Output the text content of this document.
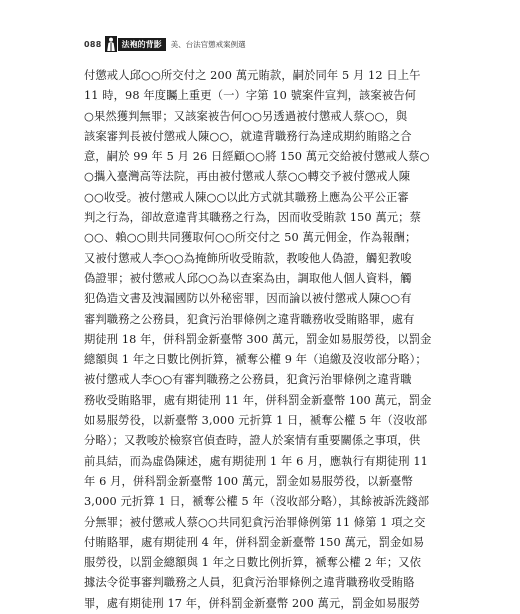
088	法袍的背影	美、台法官懲戒案例選
付懲戒人邱○○所交付之 200 萬元賄款，嗣於同年 5 月 12 日上午
11 時，98 年度矚上重更（一）字第 10 號案件宣判，該案被告何
○果然獲判無罪；又該案被告何○○另透過被付懲戒人蔡○○，與
該案審判長被付懲戒人陳○○，就違背職務行為達成期約賄賂之合
意，嗣於 99 年 5 月 26 日經顧○○將 150 萬元交給被付懲戒人蔡○
○攜入臺灣高等法院，再由被付懲戒人蔡○○轉交予被付懲戒人陳
○○收受。被付懲戒人陳○○以此方式就其職務上應為公平公正審
判之行為，卻故意違背其職務之行為，因而收受賄款 150 萬元；蔡
○○、賴○○則共同獲取何○○所交付之 50 萬元佣金，作為報酬；
又被付懲戒人李○○為掩飾所收受賄款，教唆他人偽證，觸犯教唆
偽證罪；被付懲戒人邱○○為以查案為由，調取他人個人資料，觸
犯偽造文書及洩漏國防以外秘密罪，因而論以被付懲戒人陳○○有
審判職務之公務員，犯貪污治罪條例之違背職務收受賄賂罪，處有
期徒刑 18 年，併科罰金新臺幣 300 萬元，罰金如易服勞役，以罰金
總額與 1 年之日數比例折算，褫奪公權 9 年（追繳及沒收部分略）；
被付懲戒人李○○有審判職務之公務員，犯貪污治罪條例之違背職
務收受賄賂罪，處有期徒刑 11 年，併科罰金新臺幣 100 萬元，罰金
如易服勞役，以新臺幣 3,000 元折算 1 日，褫奪公權 5 年（沒收部
分略）；又教唆於檢察官偵查時，證人於案情有重要關係之事項，供
前具結，而為虛偽陳述，處有期徒刑 1 年 6 月，應執行有期徒刑 11
年 6 月，併科罰金新臺幣 100 萬元，罰金如易服勞役，以新臺幣
3,000 元折算 1 日，褫奪公權 5 年（沒收部分略），其餘被訴洗錢部
分無罪；被付懲戒人蔡○○共同犯貪污治罪條例第 11 條第 1 項之交
付賄賂罪，處有期徒刑 4 年，併科罰金新臺幣 150 萬元，罰金如易
服勞役，以罰金總額與 1 年之日數比例折算，褫奪公權 2 年；又依
據法令從事審判職務之人員，犯貪污治罪條例之違背職務收受賄賂
罪，處有期徒刑 17 年，併科罰金新臺幣 200 萬元，罰金如易服勞
